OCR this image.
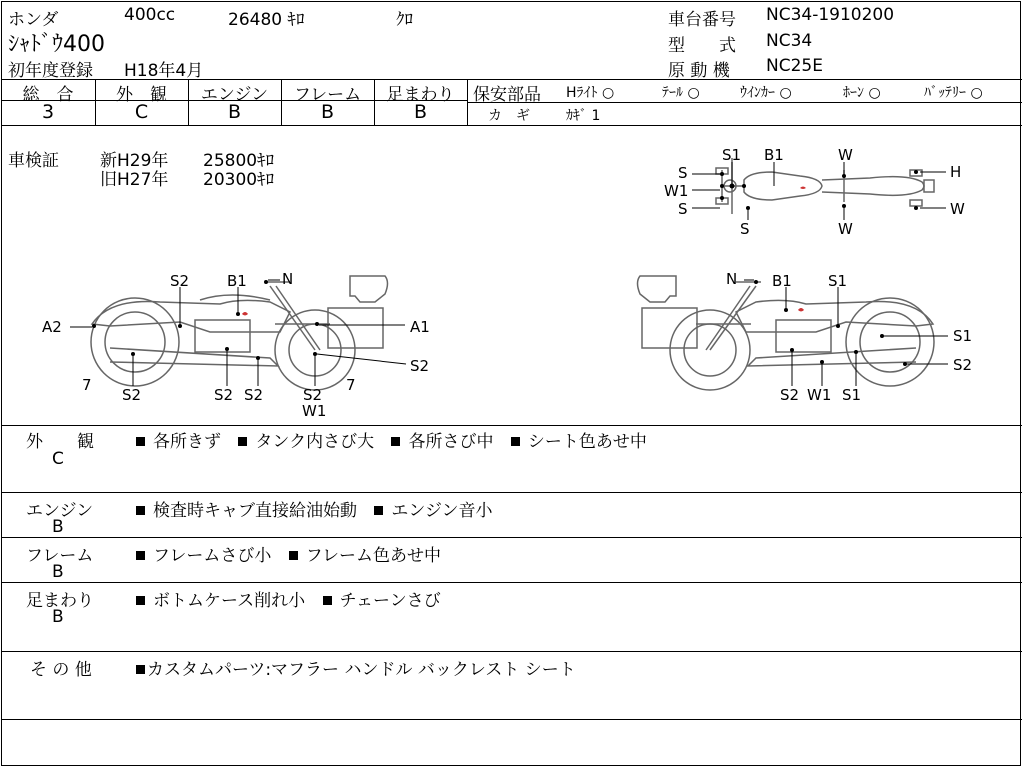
ホンダ	400cc	26480 ｷﾛ	ｸﾛ
ｼｬﾄﾞｳ400
初年度登録 H18年4月
車台番号 NC34-1910200
型　　式 NC34
原 動 機 NC25E
総　合	外　観	エンジン	フレーム	足まわり
3	C	B	B	B
保安部品 Hﾗｲﾄ ○	ﾃｰﾙ ○	ｳｲﾝｶｰ ○	ﾎｰﾝ ○	ﾊﾞｯﾃﾘｰ ○
カ　ギ	ｶｷﾞ 1
車検証 新H29年 25800ｷﾛ
旧H27年 20300ｷﾛ
S1 B1	W
S	H
W1
S	W
S	W
S2	B1 N
A2	A1
7
S2
S2
S2 S2	S2
W1
7
N B1 S1
S1
S2
S2 W1 S1
外　　観
C
各所きず タンク内さび大 各所さび中 シート色あせ中
エンジン
B
検査時キャブ直接給油始動 エンジン音小
フレーム
B
フレームさび小 フレーム色あせ中
足まわり
B
ボトムケース削れ小 チェーンさび
そ の 他	カスタムパーツ:マフラー ハンドル バックレスト シート
